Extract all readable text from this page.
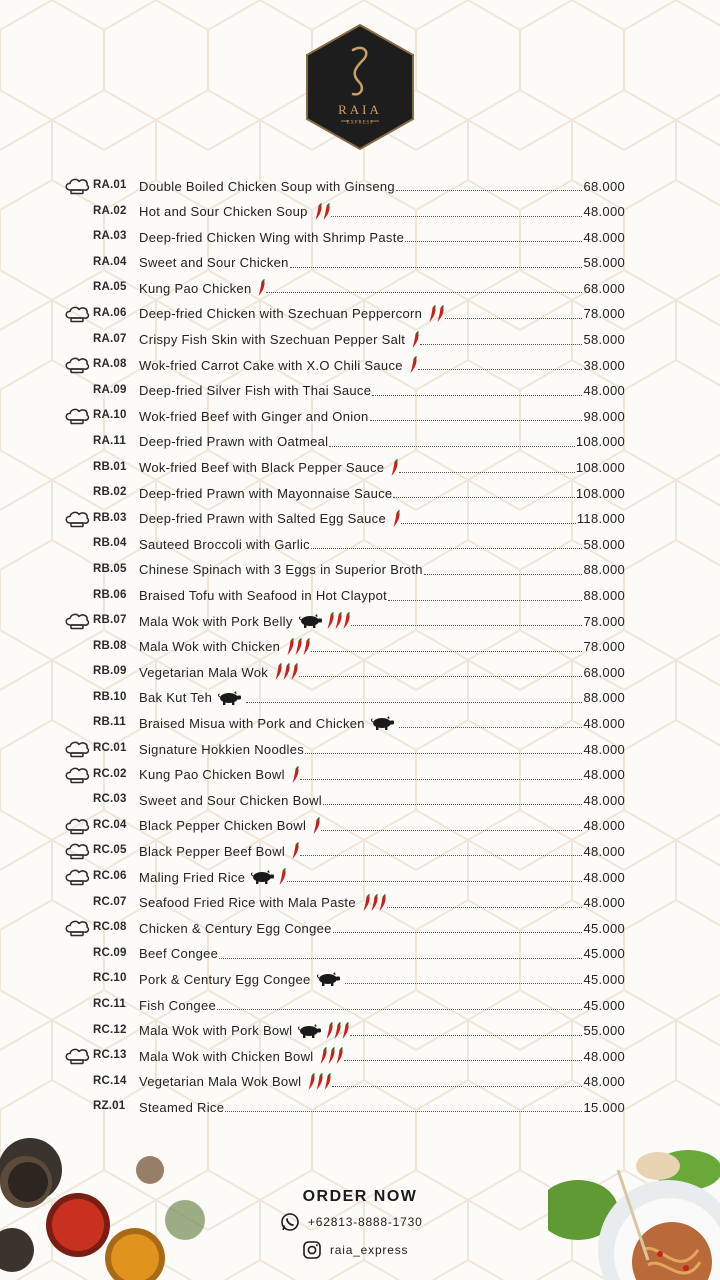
RAIA
EXPRESS
RA.01 Double Boiled Chicken Soup with Ginseng	68.000
RA.02 Hot and Sour Chicken Soup	48.000
RA.03 Deep-fried Chicken Wing with Shrimp Paste	48.000
RA.04 Sweet and Sour Chicken	58.000
RA.05 Kung Pao Chicken	68.000
RA.06 Deep-fried Chicken with Szechuan Peppercorn	78.000
RA.07 Crispy Fish Skin with Szechuan Pepper Salt	58.000
RA.08 Wok-fried Carrot Cake with X.O Chili Sauce	38.000
RA.09 Deep-fried Silver Fish with Thai Sauce	48.000
RA.10 Wok-fried Beef with Ginger and Onion	98.000
RA.11	Deep-fried Prawn with Oatmeal	108.000
RB.01 Wok-fried Beef with Black Pepper Sauce	108.000
RB.02 Deep-fried Prawn with Mayonnaise Sauce	108.000
RB.03 Deep-fried Prawn with Salted Egg Sauce	118.000
RB.04 Sauteed Broccoli with Garlic	58.000
RB.05 Chinese Spinach with 3 Eggs in Superior Broth	88.000
RB.06 Braised Tofu with Seafood in Hot Claypot	88.000
RB.07 Mala Wok with Pork Belly	78.000
RB.08 Mala Wok with Chicken	78.000
RB.09 Vegetarian Mala Wok	68.000
RB.10 Bak Kut Teh	88.000
RB.11	Braised Misua with Pork and Chicken	48.000
RC.01 Signature Hokkien Noodles	48.000
RC.02 Kung Pao Chicken Bowl	48.000
RC.03 Sweet and Sour Chicken Bowl	48.000
RC.04 Black Pepper Chicken Bowl	48.000
RC.05 Black Pepper Beef Bowl	48.000
RC.06 Maling Fried Rice	48.000
RC.07 Seafood Fried Rice with Mala Paste	48.000
RC.08 Chicken & Century Egg Congee	45.000
RC.09 Beef Congee	45.000
RC.10 Pork & Century Egg Congee	45.000
RC.11	Fish Congee	45.000
RC.12 Mala Wok with Pork Bowl	55.000
RC.13 Mala Wok with Chicken Bowl	48.000
RC.14 Vegetarian Mala Wok Bowl	48.000
RZ.01	Steamed Rice	15.000
ORDER NOW
+62813-8888-1730
raia_express
